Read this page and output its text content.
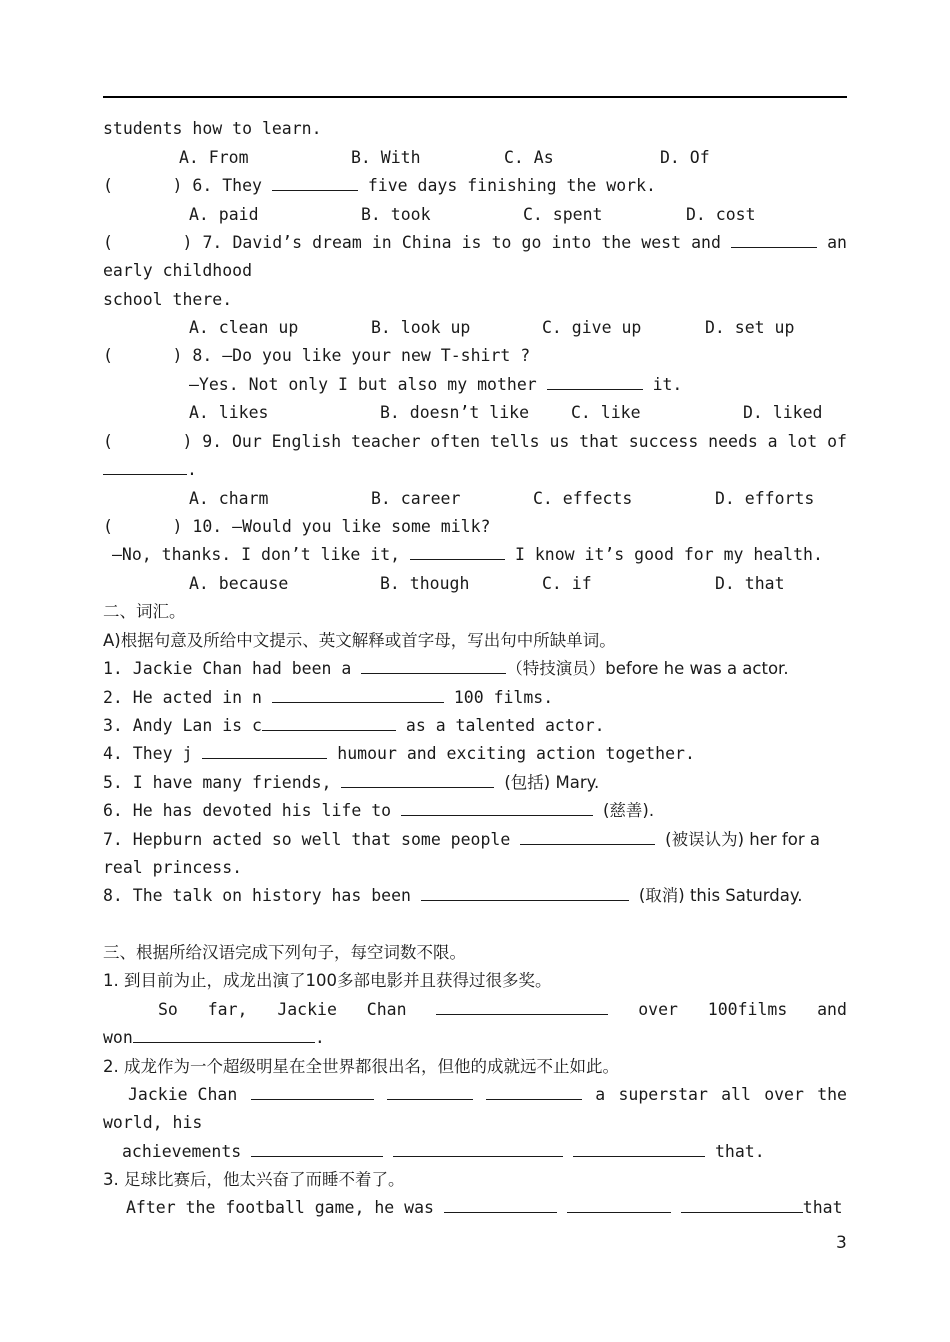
students how to learn.
A. From	B. With	C. As	D. Of
(      ) 6. They	five days finishing the work.
A. paid	B. took	C. spent	D. cost
(       ) 7. David’s dream in China is to go into the west and	an
early childhood
school there.
A. clean up	B. look up	C. give up	D. set up
(      ) 8. —Do you like your new T-shirt ?
—Yes. Not only I but also my mother	it.
A. likes	B. doesn’t like	C. like	D. liked
(       ) 9. Our English teacher often tells us that success needs a lot of
.
A. charm	B. career	C. effects	D. efforts
(      ) 10. —Would you like some milk?
—No, thanks. I don’t like it,	I know it’s good for my health.
A. because	B. though	C. if	D. that
二、词汇。
A)根据句意及所给中文提示、英文解释或首字母，写出句中所缺单词。
1. Jackie Chan had been a	（特技演员）before he was a actor.
2. He acted in n	100 films.
3. Andy Lan is c	as a talented actor.
4. They j	humour and exciting action together.
5. I have many friends,	(包括) Mary.
6. He has devoted his life to	(慈善).
7. Hepburn acted so well that some people	(被误认为) her for a
real princess.
8. The talk on history has been	(取消) this Saturday.
三、根据所给汉语完成下列句子，每空词数不限。
1. 到目前为止，成龙出演了100多部电影并且获得过很多奖。
So far, Jackie Chan	over 100films and
won	.
2. 成龙作为一个超级明星在全世界都很出名，但他的成就远不止如此。
Jackie Chan	a superstar all over the
world, his
achievements	that.
3. 足球比赛后，他太兴奋了而睡不着了。
After the football game, he was	that
3
